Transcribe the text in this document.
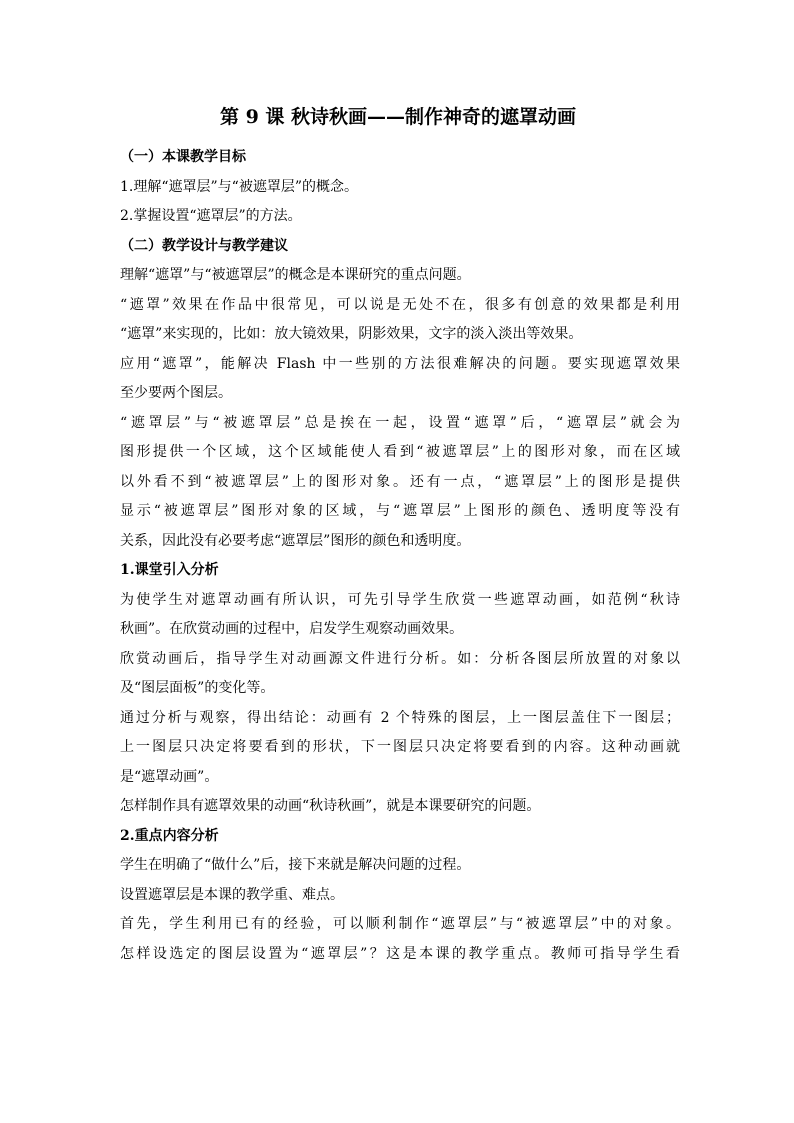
第 9 课 秋诗秋画——制作神奇的遮罩动画
（一）本课教学目标
1.理解“遮罩层”与“被遮罩层”的概念。
2.掌握设置“遮罩层”的方法。
（二）教学设计与教学建议
理解“遮罩”与“被遮罩层”的概念是本课研究的重点问题。
“遮罩”效果在作品中很常见，可以说是无处不在，很多有创意的效果都是利用
“遮罩”来实现的，比如：放大镜效果，阴影效果，文字的淡入淡出等效果。
应用“遮罩”，能解决 Flash 中一些别的方法很难解决的问题。要实现遮罩效果
至少要两个图层。
“遮罩层”与“被遮罩层”总是挨在一起，设置“遮罩”后，“遮罩层”就会为
图形提供一个区域，这个区域能使人看到“被遮罩层”上的图形对象，而在区域
以外看不到“被遮罩层”上的图形对象。还有一点，“遮罩层”上的图形是提供
显示“被遮罩层”图形对象的区域，与“遮罩层”上图形的颜色、透明度等没有
关系，因此没有必要考虑“遮罩层”图形的颜色和透明度。
1.课堂引入分析
为使学生对遮罩动画有所认识，可先引导学生欣赏一些遮罩动画，如范例“秋诗
秋画”。在欣赏动画的过程中，启发学生观察动画效果。
欣赏动画后，指导学生对动画源文件进行分析。如：分析各图层所放置的对象以
及“图层面板”的变化等。
通过分析与观察，得出结论：动画有 2 个特殊的图层，上一图层盖住下一图层；
上一图层只决定将要看到的形状，下一图层只决定将要看到的内容。这种动画就
是“遮罩动画”。
怎样制作具有遮罩效果的动画“秋诗秋画”，就是本课要研究的问题。
2.重点内容分析
学生在明确了“做什么”后，接下来就是解决问题的过程。
设置遮罩层是本课的教学重、难点。
首先，学生利用已有的经验，可以顺利制作“遮罩层”与“被遮罩层”中的对象。
怎样设选定的图层设置为“遮罩层”？这是本课的教学重点。教师可指导学生看
